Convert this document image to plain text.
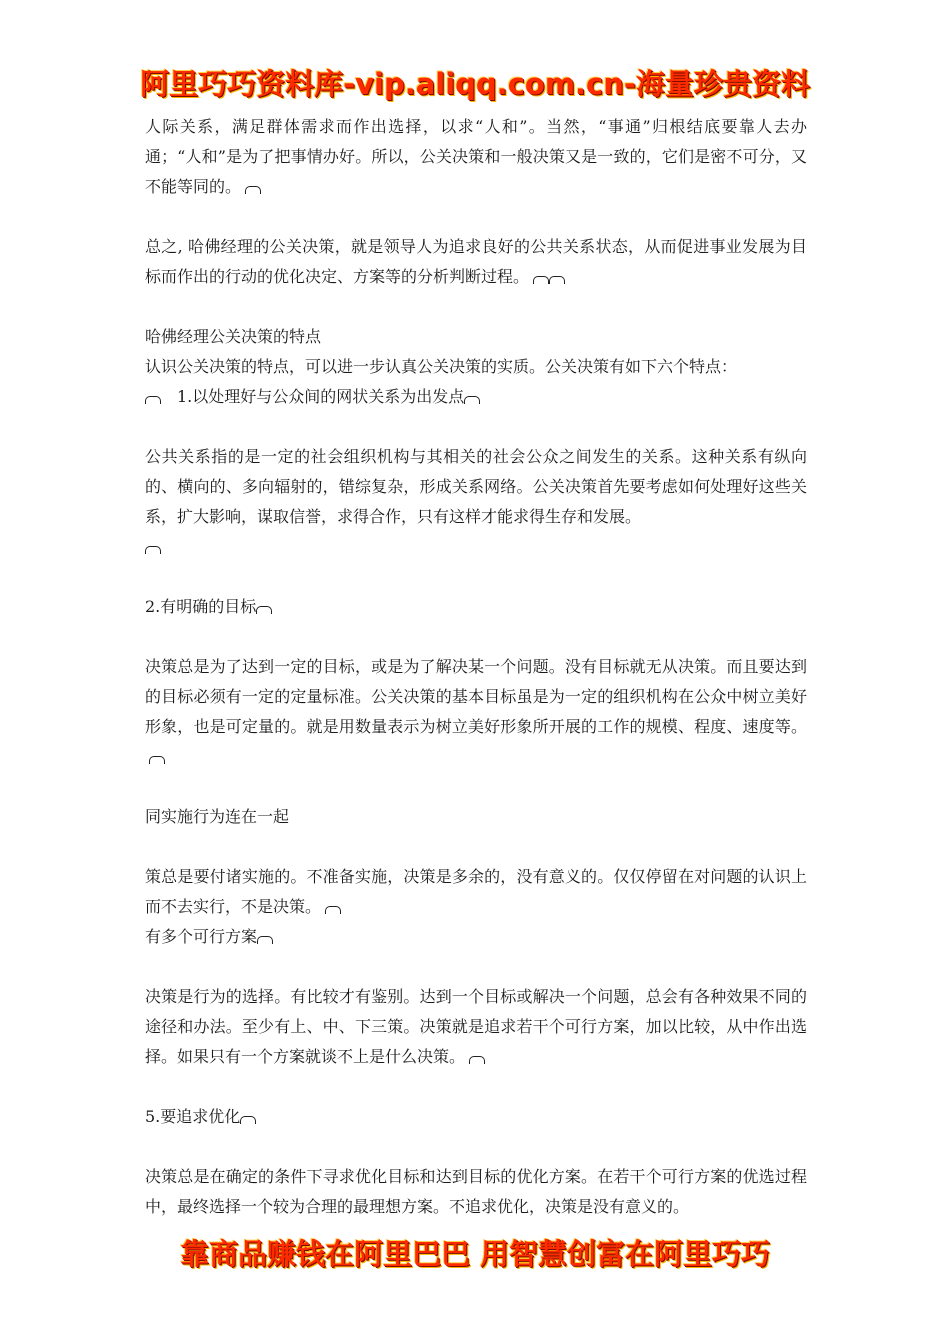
阿里巧巧资料库-vip.aliqq.com.cn-海量珍贵资料

人际关系，满足群体需求而作出选择，以求“人和”。当然，“事通”归根结底要靠人去办通；“人和”是为了把事情办好。所以，公关决策和一般决策又是一致的，它们是密不可分，又不能等同的。

总之, 哈佛经理的公关决策，就是领导人为追求良好的公共关系状态，从而促进事业发展为目标而作出的行动的优化决定、方案等的分析判断过程。

哈佛经理公关决策的特点

认识公关决策的特点，可以进一步认真公关决策的实质。公关决策有如下六个特点：

1.以处理好与公众间的网状关系为出发点

公共关系指的是一定的社会组织机构与其相关的社会公众之间发生的关系。这种关系有纵向的、横向的、多向辐射的，错综复杂，形成关系网络。公关决策首先要考虑如何处理好这些关系，扩大影响，谋取信誉，求得合作，只有这样才能求得生存和发展。

2.有明确的目标

决策总是为了达到一定的目标，或是为了解决某一个问题。没有目标就无从决策。而且要达到的目标必须有一定的定量标准。公关决策的基本目标虽是为一定的组织机构在公众中树立美好形象，也是可定量的。就是用数量表示为树立美好形象所开展的工作的规模、程度、速度等。

同实施行为连在一起

策总是要付诸实施的。不准备实施，决策是多余的，没有意义的。仅仅停留在对问题的认识上而不去实行，不是决策。

有多个可行方案

决策是行为的选择。有比较才有鉴别。达到一个目标或解决一个问题，总会有各种效果不同的途径和办法。至少有上、中、下三策。决策就是追求若干个可行方案，加以比较，从中作出选择。如果只有一个方案就谈不上是什么决策。

5.要追求优化

决策总是在确定的条件下寻求优化目标和达到目标的优化方案。在若干个可行方案的优选过程中，最终选择一个较为合理的最理想方案。不追求优化，决策是没有意义的。

靠商品赚钱在阿里巴巴 用智慧创富在阿里巧巧
